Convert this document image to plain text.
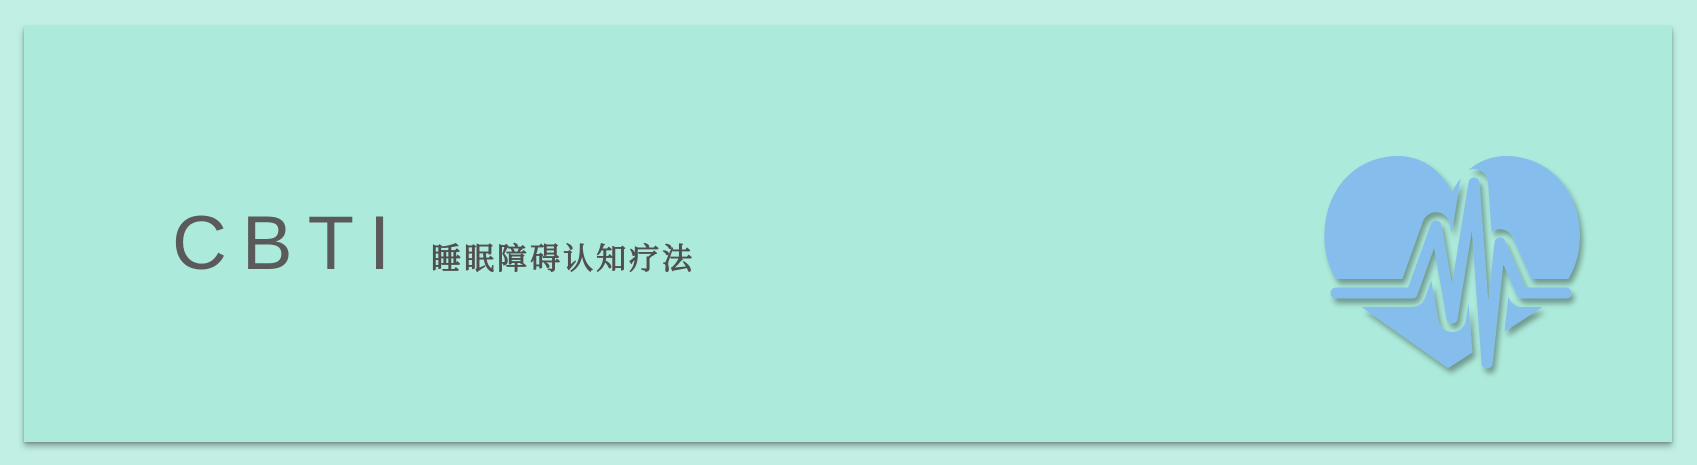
CBTI 睡眠障碍认知疗法
